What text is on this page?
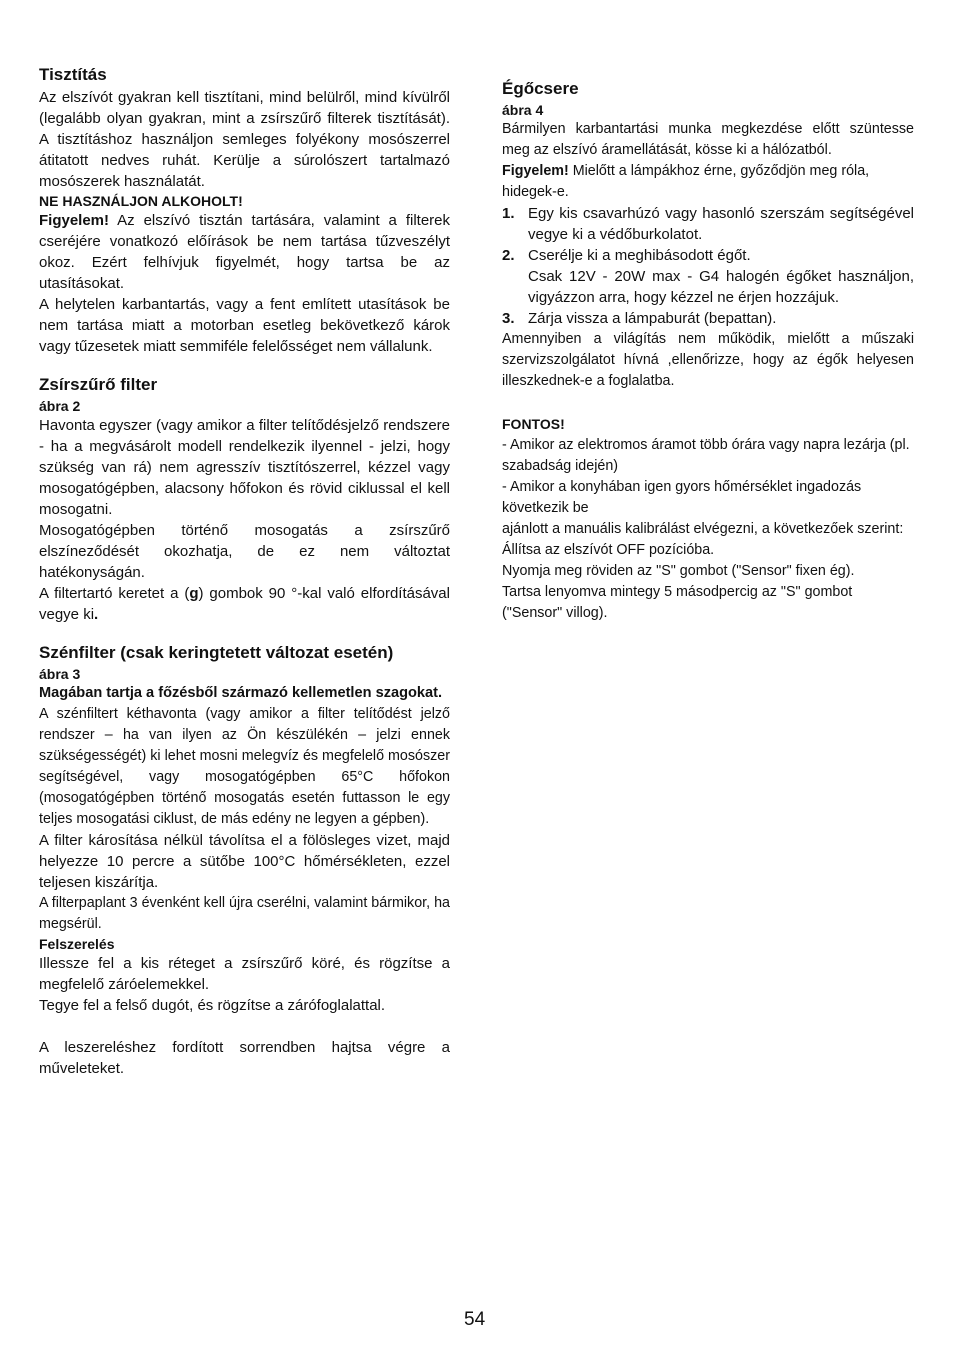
Tisztítás

Az elszívót gyakran kell tisztítani, mind belülről, mind kívülről (legalább olyan gyakran, mint a zsírszűrő filterek tisztítását). A tisztításhoz használjon semleges folyékony mosószerrel átitatott nedves ruhát. Kerülje a súrolószert tartalmazó mosószerek használatát.

NE HASZNÁLJON ALKOHOLT!

Figyelem! Az elszívó tisztán tartására, valamint a filterek cseréjére vonatkozó előírások be nem tartása tűzveszélyt okoz. Ezért felhívjuk figyelmét, hogy tartsa be az utasításokat.

A helytelen karbantartás, vagy a fent említett utasítások be nem tartása miatt a motorban esetleg bekövetkező károk vagy tűzesetek miatt semmiféle felelősséget nem vállalunk.

Zsírszűrő filter
ábra 2

Havonta egyszer (vagy amikor a filter telítődésjelző rendszere - ha a megvásárolt modell rendelkezik ilyennel - jelzi, hogy szükség van rá) nem agresszív tisztítószerrel, kézzel vagy mosogatógépben, alacsony hőfokon és rövid ciklussal el kell mosogatni.

Mosogatógépben történő mosogatás a zsírszűrő elszíneződését okozhatja, de ez nem változtat hatékonyságán.

A filtertartó keretet a (g) gombok 90 °-kal való elfordításával vegye ki.

Szénfilter (csak keringtetett változat esetén)
ábra 3
Magában tartja a főzésből származó kellemetlen szagokat.

A szénfiltert kéthavonta (vagy amikor a filter telítődést jelző rendszer – ha van ilyen az Ön készülékén – jelzi ennek szükségességét) ki lehet mosni melegvíz és megfelelő mosószer segítségével, vagy mosogatógépben 65°C hőfokon (mosogatógépben történő mosogatás esetén futtasson le egy teljes mosogatási ciklust, de más edény ne legyen a gépben).

A filter károsítása nélkül távolítsa el a fölösleges vizet, majd helyezze 10 percre a sütőbe 100°C hőmérsékleten, ezzel teljesen kiszárítja.

A filterpaplant 3 évenként kell újra cserélni, valamint bármikor, ha megsérül.

Felszerelés

Illessze fel a kis réteget a zsírszűrő köré, és rögzítse a megfelelő záróelemekkel.

Tegye fel a felső dugót, és rögzítse a zárófoglalattal.

A leszereléshez fordított sorrendben hajtsa végre a műveleteket.

Égőcsere
ábra 4

Bármilyen karbantartási munka megkezdése előtt szüntesse meg az elszívó áramellátását, kösse ki a hálózatból.

Figyelem! Mielőtt a lámpákhoz érne, győződjön meg róla, hidegek-e.

1. Egy kis csavarhúzó vagy hasonló szerszám segítségével vegye ki a védőburkolatot.
2. Cserélje ki a meghibásodott égőt.
Csak 12V - 20W max - G4 halogén égőket használjon, vigyázzon arra, hogy kézzel ne érjen hozzájuk.
3. Zárja vissza a lámpaburát (bepattan).

Amennyiben a világítás nem működik, mielőtt a műszaki szervizszolgálatot hívná ,ellenőrizze, hogy az égők helyesen illeszkednek-e a foglalatba.

FONTOS!

- Amikor az elektromos áramot több órára vagy napra lezárja (pl. szabadság idején)

- Amikor a konyhában igen gyors hőmérséklet ingadozás következik be

ajánlott a manuális kalibrálást elvégezni, a következőek szerint:

Állítsa az elszívót OFF pozícióba.

Nyomja meg röviden az "S" gombot ("Sensor" fixen ég).

Tartsa lenyomva mintegy 5 másodpercig az "S" gombot ("Sensor" villog).

54
